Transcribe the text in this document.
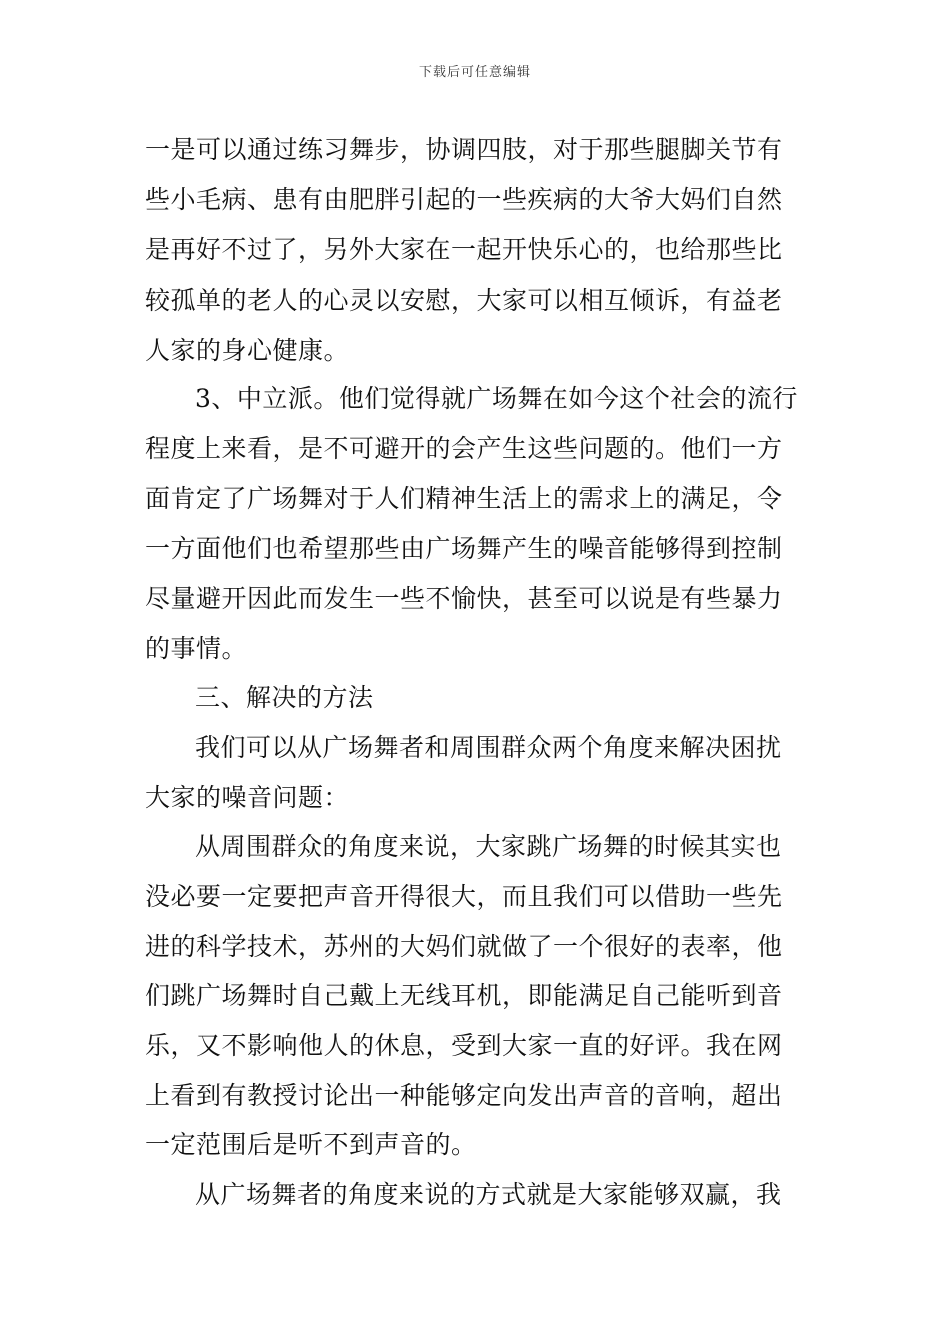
下载后可任意编辑
一是可以通过练习舞步，协调四肢，对于那些腿脚关节有
些小毛病、患有由肥胖引起的一些疾病的大爷大妈们自然
是再好不过了，另外大家在一起开快乐心的，也给那些比
较孤单的老人的心灵以安慰，大家可以相互倾诉，有益老
人家的身心健康。
3、中立派。他们觉得就广场舞在如今这个社会的流行
程度上来看，是不可避开的会产生这些问题的。他们一方
面肯定了广场舞对于人们精神生活上的需求上的满足，令
一方面他们也希望那些由广场舞产生的噪音能够得到控制
尽量避开因此而发生一些不愉快，甚至可以说是有些暴力
的事情。
三、解决的方法
我们可以从广场舞者和周围群众两个角度来解决困扰
大家的噪音问题：
从周围群众的角度来说，大家跳广场舞的时候其实也
没必要一定要把声音开得很大，而且我们可以借助一些先
进的科学技术，苏州的大妈们就做了一个很好的表率，他
们跳广场舞时自己戴上无线耳机，即能满足自己能听到音
乐，又不影响他人的休息，受到大家一直的好评。我在网
上看到有教授讨论出一种能够定向发出声音的音响，超出
一定范围后是听不到声音的。
从广场舞者的角度来说的方式就是大家能够双赢，我
